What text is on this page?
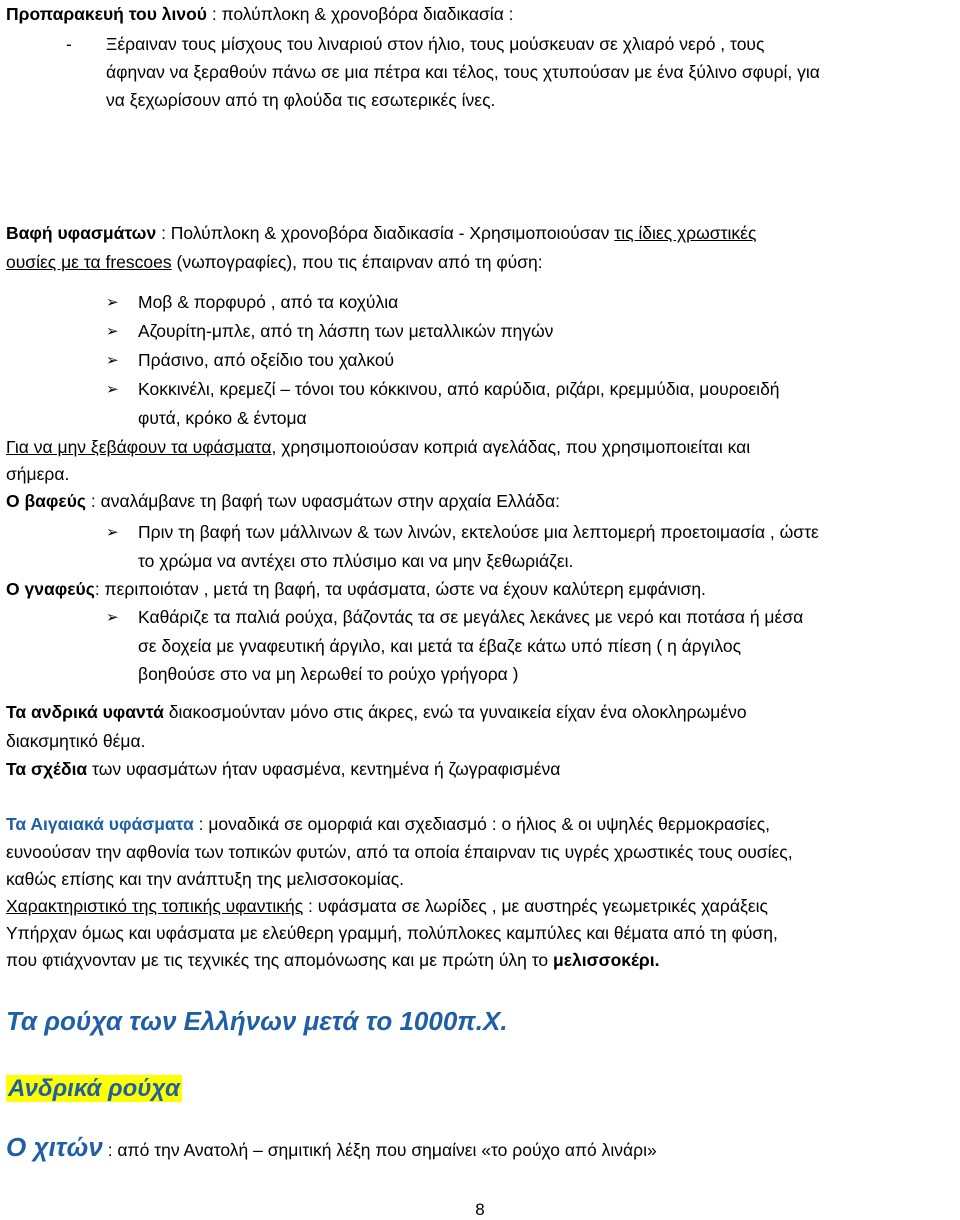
Προπαρακευή του λινού : πολύπλοκη & χρονοβόρα διαδικασία :
- Ξέραιναν τους μίσχους του λιναριού στον ήλιο, τους μούσκευαν σε χλιαρό νερό , τους
άφηναν να ξεραθούν πάνω σε μια πέτρα και τέλος, τους χτυπούσαν με ένα ξύλινο σφυρί, για
να ξεχωρίσουν από τη φλούδα τις εσωτερικές ίνες.
Βαφή υφασμάτων : Πολύπλοκη & χρονοβόρα διαδικασία - Χρησιμοποιούσαν τις ίδιες χρωστικές
ουσίες με τα frescoes (νωπογραφίες), που τις έπαιρναν από τη φύση:
➢ Μοβ & πορφυρό , από τα κοχύλια
➢ Αζουρίτη-μπλε, από τη λάσπη των μεταλλικών πηγών
➢ Πράσινο, από οξείδιο του χαλκού
➢ Κοκκινέλι, κρεμεζί – τόνοι του κόκκινου, από καρύδια, ριζάρι, κρεμμύδια, μουροειδή
φυτά, κρόκο & έντομα
Για να μην ξεβάφουν τα υφάσματα, χρησιμοποιούσαν κοπριά αγελάδας, που χρησιμοποιείται και
σήμερα.
Ο βαφεύς : αναλάμβανε τη βαφή των υφασμάτων στην αρχαία Ελλάδα:
➢ Πριν τη βαφή των μάλλινων & των λινών, εκτελούσε μια λεπτομερή προετοιμασία , ώστε
το χρώμα να αντέχει στο πλύσιμο και να μην ξεθωριάζει.
Ο γναφεύς: περιποιόταν , μετά τη βαφή, τα υφάσματα, ώστε να έχουν καλύτερη εμφάνιση.
➢ Καθάριζε τα παλιά ρούχα, βάζοντάς τα σε μεγάλες λεκάνες με νερό και ποτάσα ή μέσα
σε δοχεία με γναφευτική άργιλο, και μετά τα έβαζε κάτω υπό πίεση ( η άργιλος
βοηθούσε στο να μη λερωθεί το ρούχο γρήγορα )
Τα ανδρικά υφαντά διακοσμούνταν μόνο στις άκρες, ενώ τα γυναικεία είχαν ένα ολοκληρωμένο
διακσμητικό θέμα.
Τα σχέδια των υφασμάτων ήταν υφασμένα, κεντημένα ή ζωγραφισμένα
Τα Αιγαιακά υφάσματα : μοναδικά σε ομορφιά και σχεδιασμό : ο ήλιος & οι υψηλές θερμοκρασίες,
ευνοούσαν την αφθονία των τοπικών φυτών, από τα οποία έπαιρναν τις υγρές χρωστικές τους ουσίες,
καθώς επίσης και την ανάπτυξη της μελισσοκομίας.
Χαρακτηριστικό της τοπικής υφαντικής : υφάσματα σε λωρίδες , με αυστηρές γεωμετρικές χαράξεις
Υπήρχαν όμως και υφάσματα με ελεύθερη γραμμή, πολύπλοκες καμπύλες και θέματα από τη φύση,
που φτιάχνονταν με τις τεχνικές της απομόνωσης και με πρώτη ύλη το μελισσοκέρι.
Τα ρούχα των Ελλήνων μετά το 1000π.Χ.
Ανδρικά ρούχα
Ο χιτών : από την Ανατολή – σημιτική λέξη που σημαίνει «το ρούχο από λινάρι»
8
